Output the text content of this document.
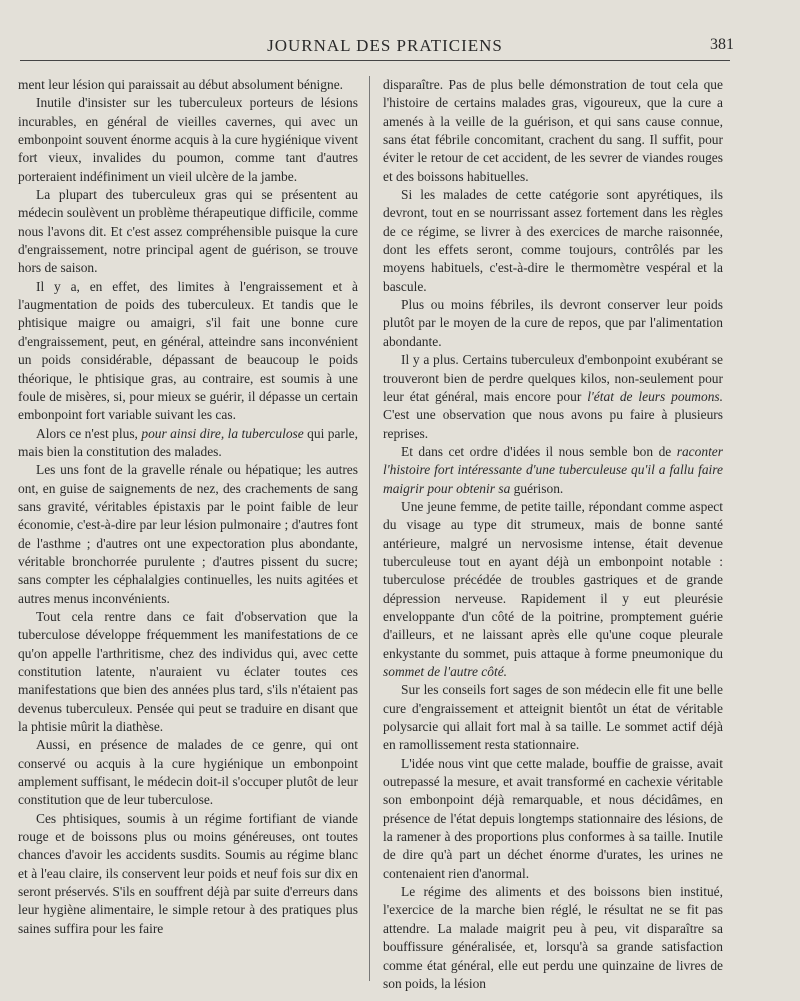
JOURNAL DES PRATICIENS	381

ment leur lésion qui paraissait au début absolument bénigne.

Inutile d'insister sur les tuberculeux porteurs de lésions incurables, en général de vieilles cavernes, qui avec un embonpoint souvent énorme acquis à la cure hygiénique vivent fort vieux, invalides du poumon, comme tant d'autres porteraient indéfiniment un vieil ulcère de la jambe.

La plupart des tuberculeux gras qui se présentent au médecin soulèvent un problème thérapeutique difficile, comme nous l'avons dit. Et c'est assez compréhensible puisque la cure d'engraissement, notre principal agent de guérison, se trouve hors de saison.

Il y a, en effet, des limites à l'engraissement et à l'augmentation de poids des tuberculeux. Et tandis que le phtisique maigre ou amaigri, s'il fait une bonne cure d'engraissement, peut, en général, atteindre sans inconvénient un poids considérable, dépassant de beaucoup le poids théorique, le phtisique gras, au contraire, est soumis à une foule de misères, si, pour mieux se guérir, il dépasse un certain embonpoint fort variable suivant les cas.

Alors ce n'est plus, pour ainsi dire, la tuberculose qui parle, mais bien la constitution des malades.

Les uns font de la gravelle rénale ou hépatique; les autres ont, en guise de saignements de nez, des crachements de sang sans gravité, véritables épistaxis par le point faible de leur économie, c'est-à-dire par leur lésion pulmonaire ; d'autres font de l'asthme ; d'autres ont une expectoration plus abondante, véritable bronchorrée purulente ; d'autres pissent du sucre; sans compter les céphalalgies continuelles, les nuits agitées et autres menus inconvénients.

Tout cela rentre dans ce fait d'observation que la tuberculose développe fréquemment les manifestations de ce qu'on appelle l'arthritisme, chez des individus qui, avec cette constitution latente, n'auraient vu éclater toutes ces manifestations que bien des années plus tard, s'ils n'étaient pas devenus tuberculeux. Pensée qui peut se traduire en disant que la phtisie mûrit la diathèse.

Aussi, en présence de malades de ce genre, qui ont conservé ou acquis à la cure hygiénique un embonpoint amplement suffisant, le médecin doit-il s'occuper plutôt de leur constitution que de leur tuberculose.

Ces phtisiques, soumis à un régime fortifiant de viande rouge et de boissons plus ou moins généreuses, ont toutes chances d'avoir les accidents susdits. Soumis au régime blanc et à l'eau claire, ils conservent leur poids et neuf fois sur dix en seront préservés. S'ils en souffrent déjà par suite d'erreurs dans leur hygiène alimentaire, le simple retour à des pratiques plus saines suffira pour les faire

disparaître. Pas de plus belle démonstration de tout cela que l'histoire de certains malades gras, vigoureux, que la cure a amenés à la veille de la guérison, et qui sans cause connue, sans état fébrile concomitant, crachent du sang. Il suffit, pour éviter le retour de cet accident, de les sevrer de viandes rouges et des boissons habituelles.

Si les malades de cette catégorie sont apyrétiques, ils devront, tout en se nourrissant assez fortement dans les règles de ce régime, se livrer à des exercices de marche raisonnée, dont les effets seront, comme toujours, contrôlés par les moyens habituels, c'est-à-dire le thermomètre vespéral et la bascule.

Plus ou moins fébriles, ils devront conserver leur poids plutôt par le moyen de la cure de repos, que par l'alimentation abondante.

Il y a plus. Certains tuberculeux d'embonpoint exubérant se trouveront bien de perdre quelques kilos, non-seulement pour leur état général, mais encore pour l'état de leurs poumons. C'est une observation que nous avons pu faire à plusieurs reprises.

Et dans cet ordre d'idées il nous semble bon de raconter l'histoire fort intéressante d'une tuberculeuse qu'il a fallu faire maigrir pour obtenir sa guérison.

Une jeune femme, de petite taille, répondant comme aspect du visage au type dit strumeux, mais de bonne santé antérieure, malgré un nervosisme intense, était devenue tuberculeuse tout en ayant déjà un embonpoint notable : tuberculose précédée de troubles gastriques et de grande dépression nerveuse. Rapidement il y eut pleurésie enveloppante d'un côté de la poitrine, promptement guérie d'ailleurs, et ne laissant après elle qu'une coque pleurale enkystante du sommet, puis attaque à forme pneumonique du sommet de l'autre côté.

Sur les conseils fort sages de son médecin elle fit une belle cure d'engraissement et atteignit bientôt un état de véritable polysarcie qui allait fort mal à sa taille. Le sommet actif déjà en ramollissement resta stationnaire.

L'idée nous vint que cette malade, bouffie de graisse, avait outrepassé la mesure, et avait transformé en cachexie véritable son embonpoint déjà remarquable, et nous décidâmes, en présence de l'état depuis longtemps stationnaire des lésions, de la ramener à des proportions plus conformes à sa taille. Inutile de dire qu'à part un déchet énorme d'urates, les urines ne contenaient rien d'anormal.

Le régime des aliments et des boissons bien institué, l'exercice de la marche bien réglé, le résultat ne se fit pas attendre. La malade maigrit peu à peu, vit disparaître sa bouffissure généralisée, et, lorsqu'à sa grande satisfaction comme état général, elle eut perdu une quinzaine de livres de son poids, la lésion
